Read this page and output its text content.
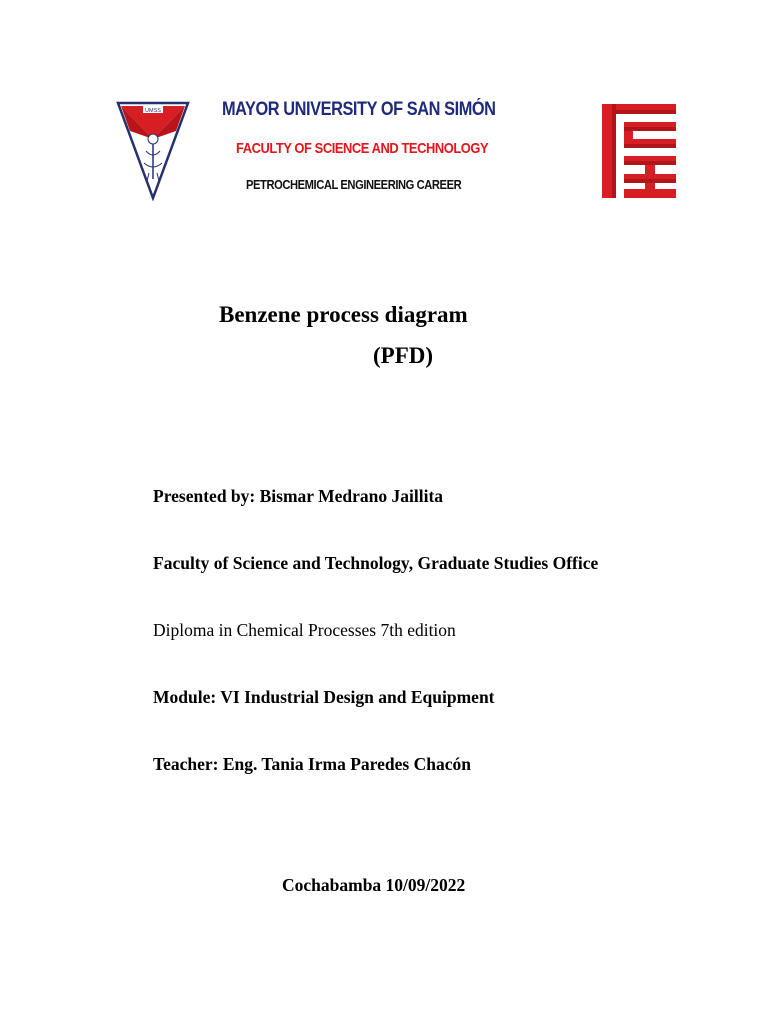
UMSS	MAYOR UNIVERSITY OF SAN SIMÓN
FACULTY OF SCIENCE AND TECHNOLOGY
PETROCHEMICAL ENGINEERING CAREER
Benzene process diagram
(PFD)
Presented by: Bismar Medrano Jaillita
Faculty of Science and Technology, Graduate Studies Office
Diploma in Chemical Processes 7th edition
Module: VI Industrial Design and Equipment
Teacher: Eng. Tania Irma Paredes Chacón
Cochabamba 10/09/2022
